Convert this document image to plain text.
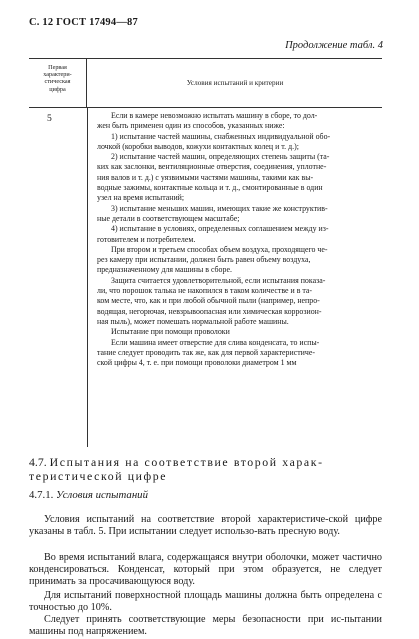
С. 12 ГОСТ 17494—87
Продолжение табл. 4
Первая
характери-
стическая
цифра
Условия испытаний и критерии
5	Если в камере невозможно испытать машину в сборе, то дол-
жен быть применен один из способов, указанных ниже:
1) испытание частей машины, снабженных индивидуальной обо-
лочкой (коробки выводов, кожухи контактных колец и т. д.);
2) испытание частей машин, определяющих степень защиты (та-
ких как заслонки, вентиляционные отверстия, соединения, уплотне-
ния валов и т. д.) с уязвимыми частями машины, такими как вы-
водные зажимы, контактные кольца и т. д., смонтированные в один
узел на время испытаний;
3) испытание меньших машин, имеющих такие же конструктив-
ные детали в соответствующем масштабе;
4) испытание в условиях, определенных соглашением между из-
готовителем и потребителем.
При втором и третьем способах объем воздуха, проходящего че-
рез камеру при испытании, должен быть равен объему воздуха,
предназначенному для машины в сборе.
Защита считается удовлетворительной, если испытания показа-
ли, что порошок талька не накопился в таком количестве и в та-
ком месте, что, как и при любой обычной пыли (например, непро-
водящая, негорючая, невзрывоопасная или химическая коррозион-
ная пыль), может помешать нормальной работе машины.
Испытание при помощи проволоки
Если машина имеет отверстие для слива конденсата, то испы-
тание следует проводить так же, как для первой характеристиче-
ской цифры 4, т. е. при помощи проволоки диаметром 1 мм
4.7. Испытания на соответствие второй харак-
теристической цифре
4.7.1. Условия испытаний
Условия испытаний на соответствие второй характеристиче-ской цифре указаны в табл. 5. При испытании следует использо-вать пресную воду.
Во время испытаний влага, содержащаяся внутри оболочки, может частично конденсироваться. Конденсат, который при этом образуется, не следует принимать за просачивающуюся воду.
Для испытаний поверхностной площадь машины должна быть определена с точностью до 10%.
Следует принять соответствующие меры безопасности при ис-пытании машины под напряжением.
